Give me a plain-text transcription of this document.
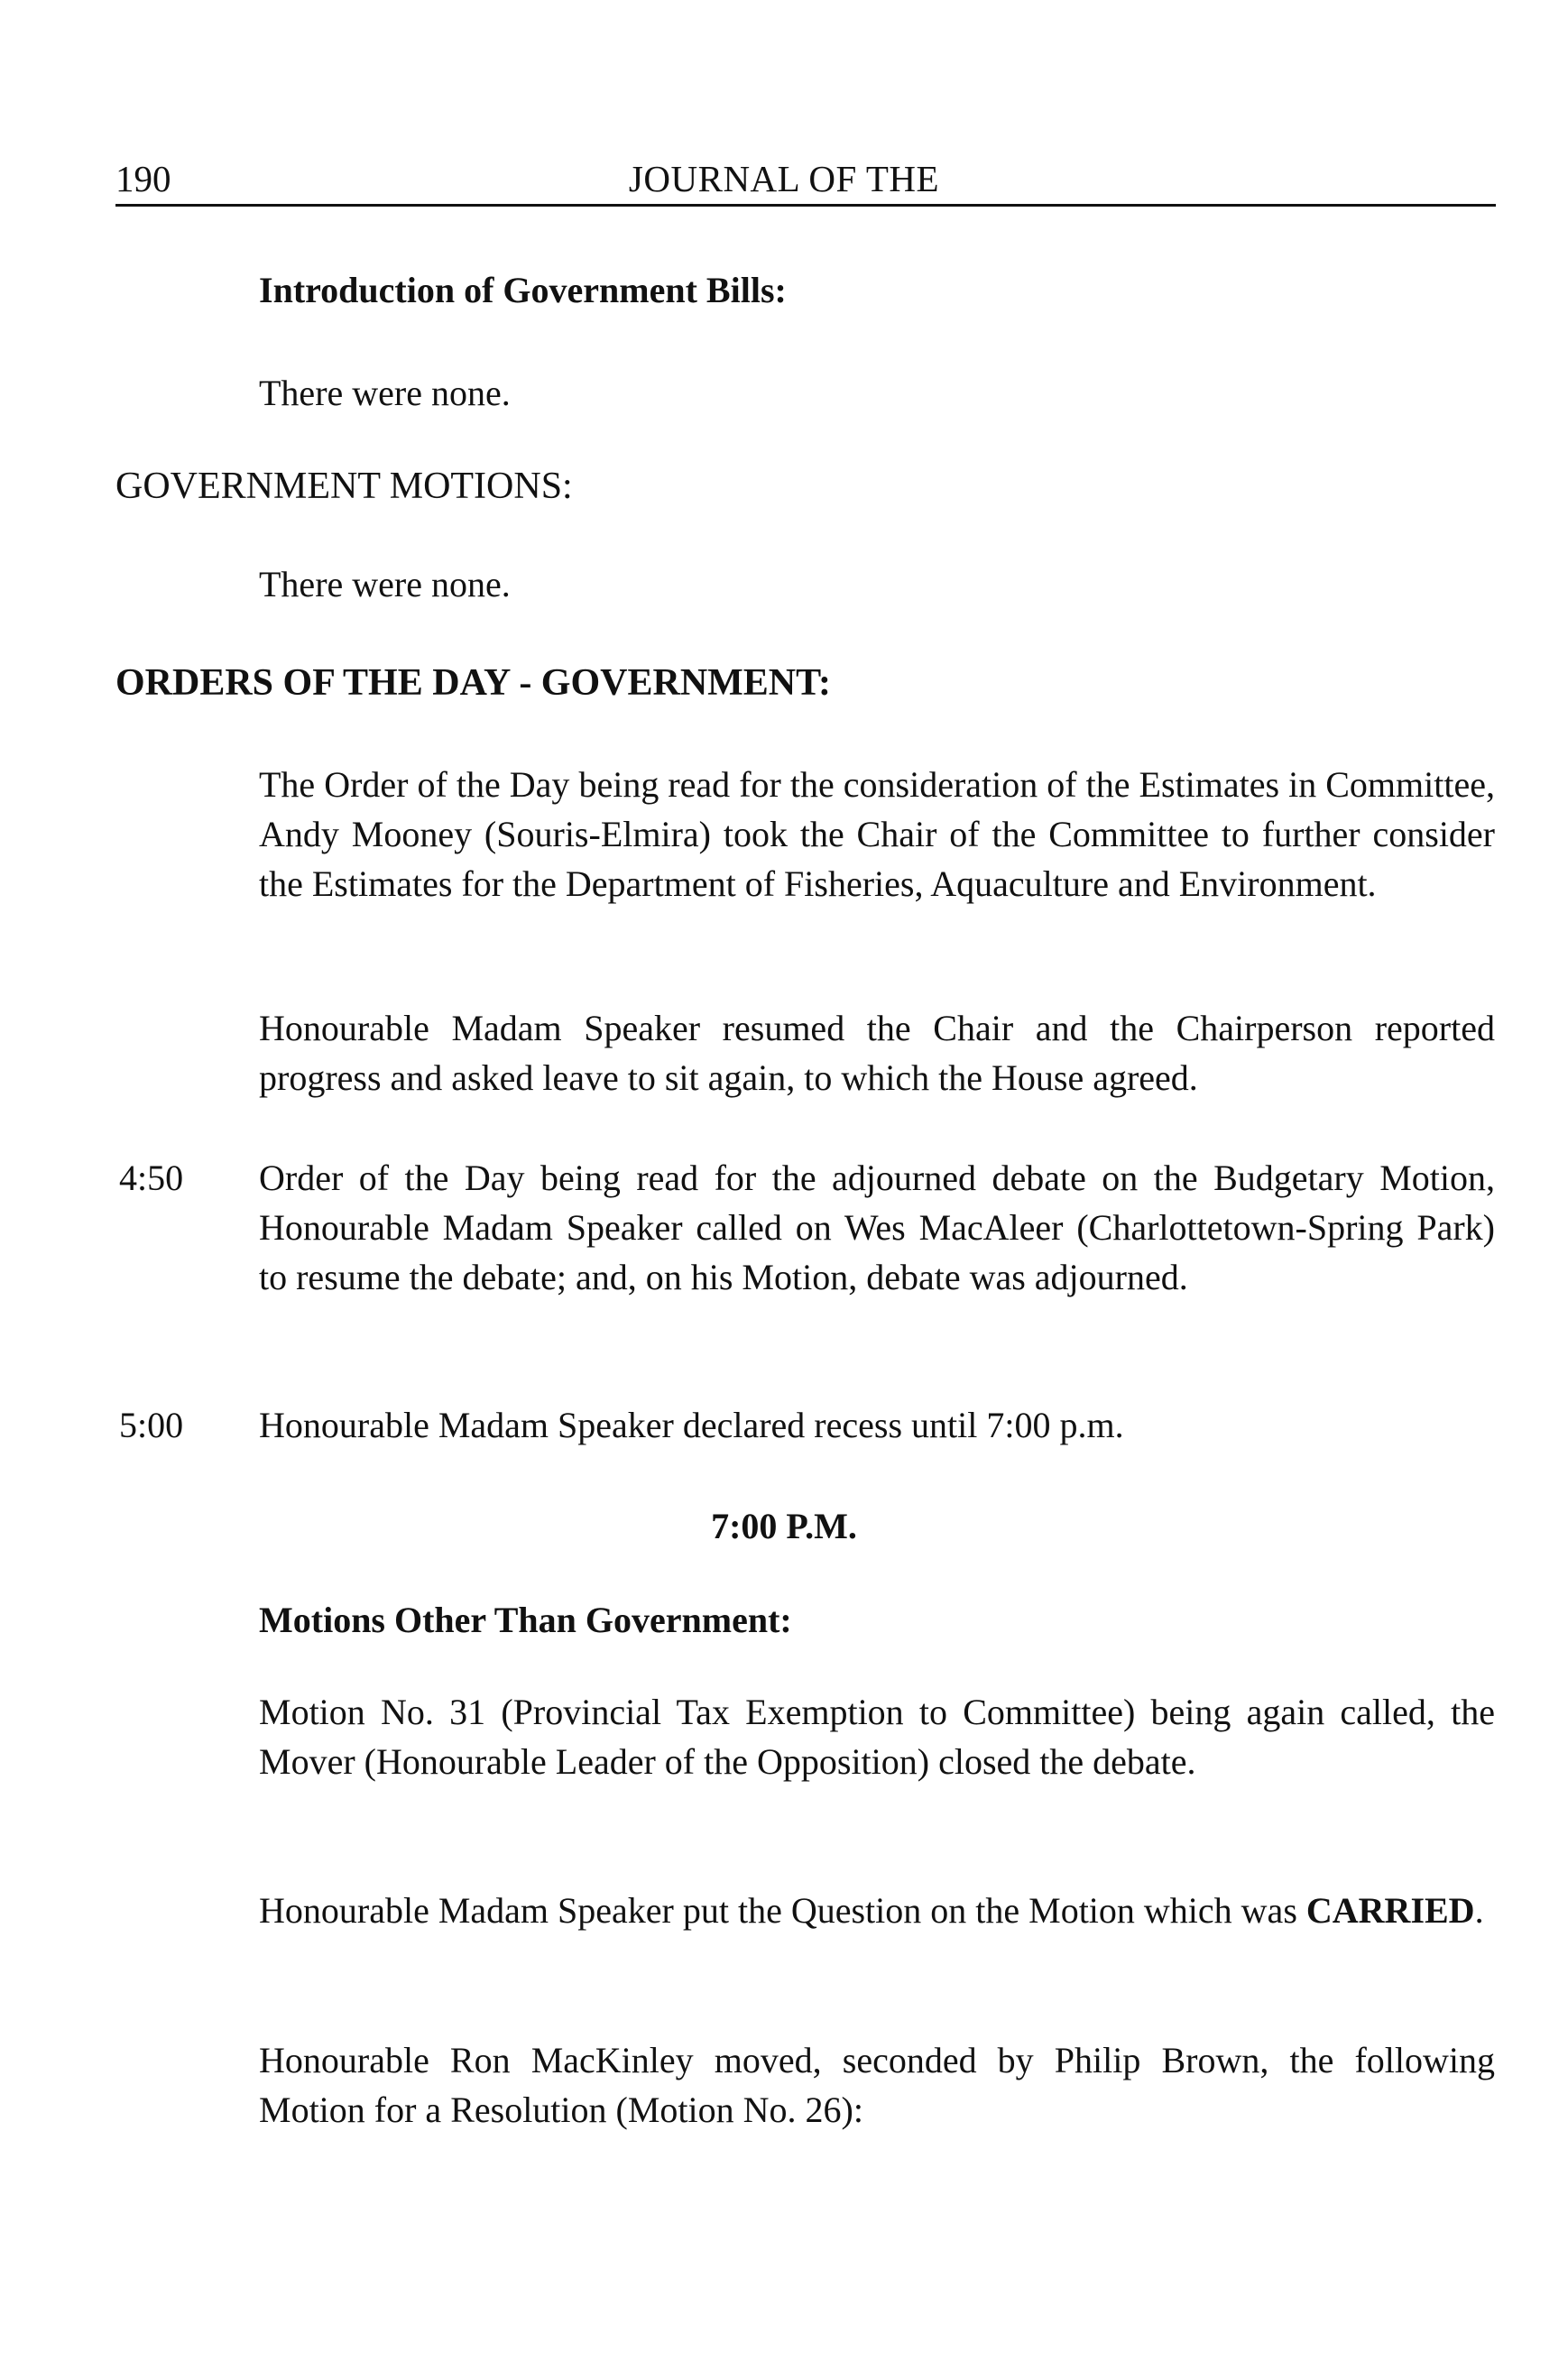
190	JOURNAL OF THE
Introduction of Government Bills:

There were none.

GOVERNMENT MOTIONS:

There were none.

ORDERS OF THE DAY - GOVERNMENT:

The Order of the Day being read for the consideration of the Estimates in Committee, Andy Mooney (Souris-Elmira) took the Chair of the Committee to further consider the Estimates for the Department of Fisheries, Aquaculture and Environment.

Honourable Madam Speaker resumed the Chair and the Chairperson reported progress and asked leave to sit again, to which the House agreed.

4:50 Order of the Day being read for the adjourned debate on the Budgetary Motion, Honourable Madam Speaker called on Wes MacAleer (Charlottetown-Spring Park) to resume the debate; and, on his Motion, debate was adjourned.

5:00 Honourable Madam Speaker declared recess until 7:00 p.m.

7:00 P.M.
Motions Other Than Government:

Motion No. 31 (Provincial Tax Exemption to Committee) being again called, the Mover (Honourable Leader of the Opposition) closed the debate.

Honourable Madam Speaker put the Question on the Motion which was CARRIED.

Honourable Ron MacKinley moved, seconded by Philip Brown, the following Motion for a Resolution (Motion No. 26):
